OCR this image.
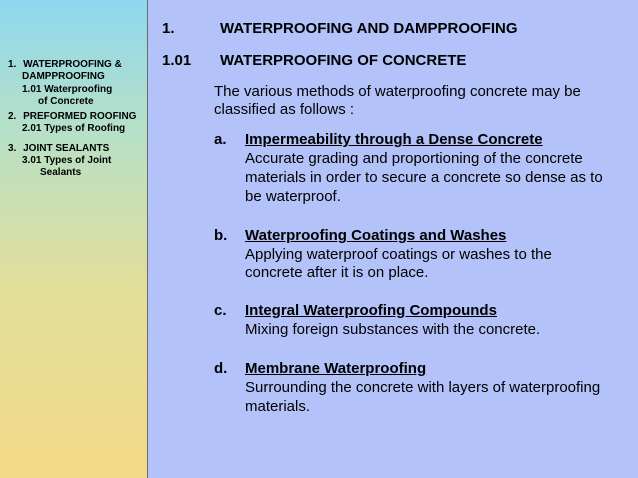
1. WATERPROOFING &
DAMPPROOFING
1.01 Waterproofing
of Concrete
2. PREFORMED ROOFING
2.01 Types of Roofing
3. JOINT SEALANTS
3.01 Types of Joint
Sealants
1.	WATERPROOFING AND DAMPPROOFING
1.01 WATERPROOFING OF CONCRETE
The various methods of waterproofing concrete may be
classified as follows :
a. Impermeability through a Dense Concrete
Accurate grading and proportioning of the concrete
materials in order to secure a concrete so dense as to
be waterproof.
b. Waterproofing Coatings and Washes
Applying waterproof coatings or washes to the
concrete after it is on place.
c. Integral Waterproofing Compounds
Mixing foreign substances with the concrete.
d. Membrane Waterproofing
Surrounding the concrete with layers of waterproofing
materials.
